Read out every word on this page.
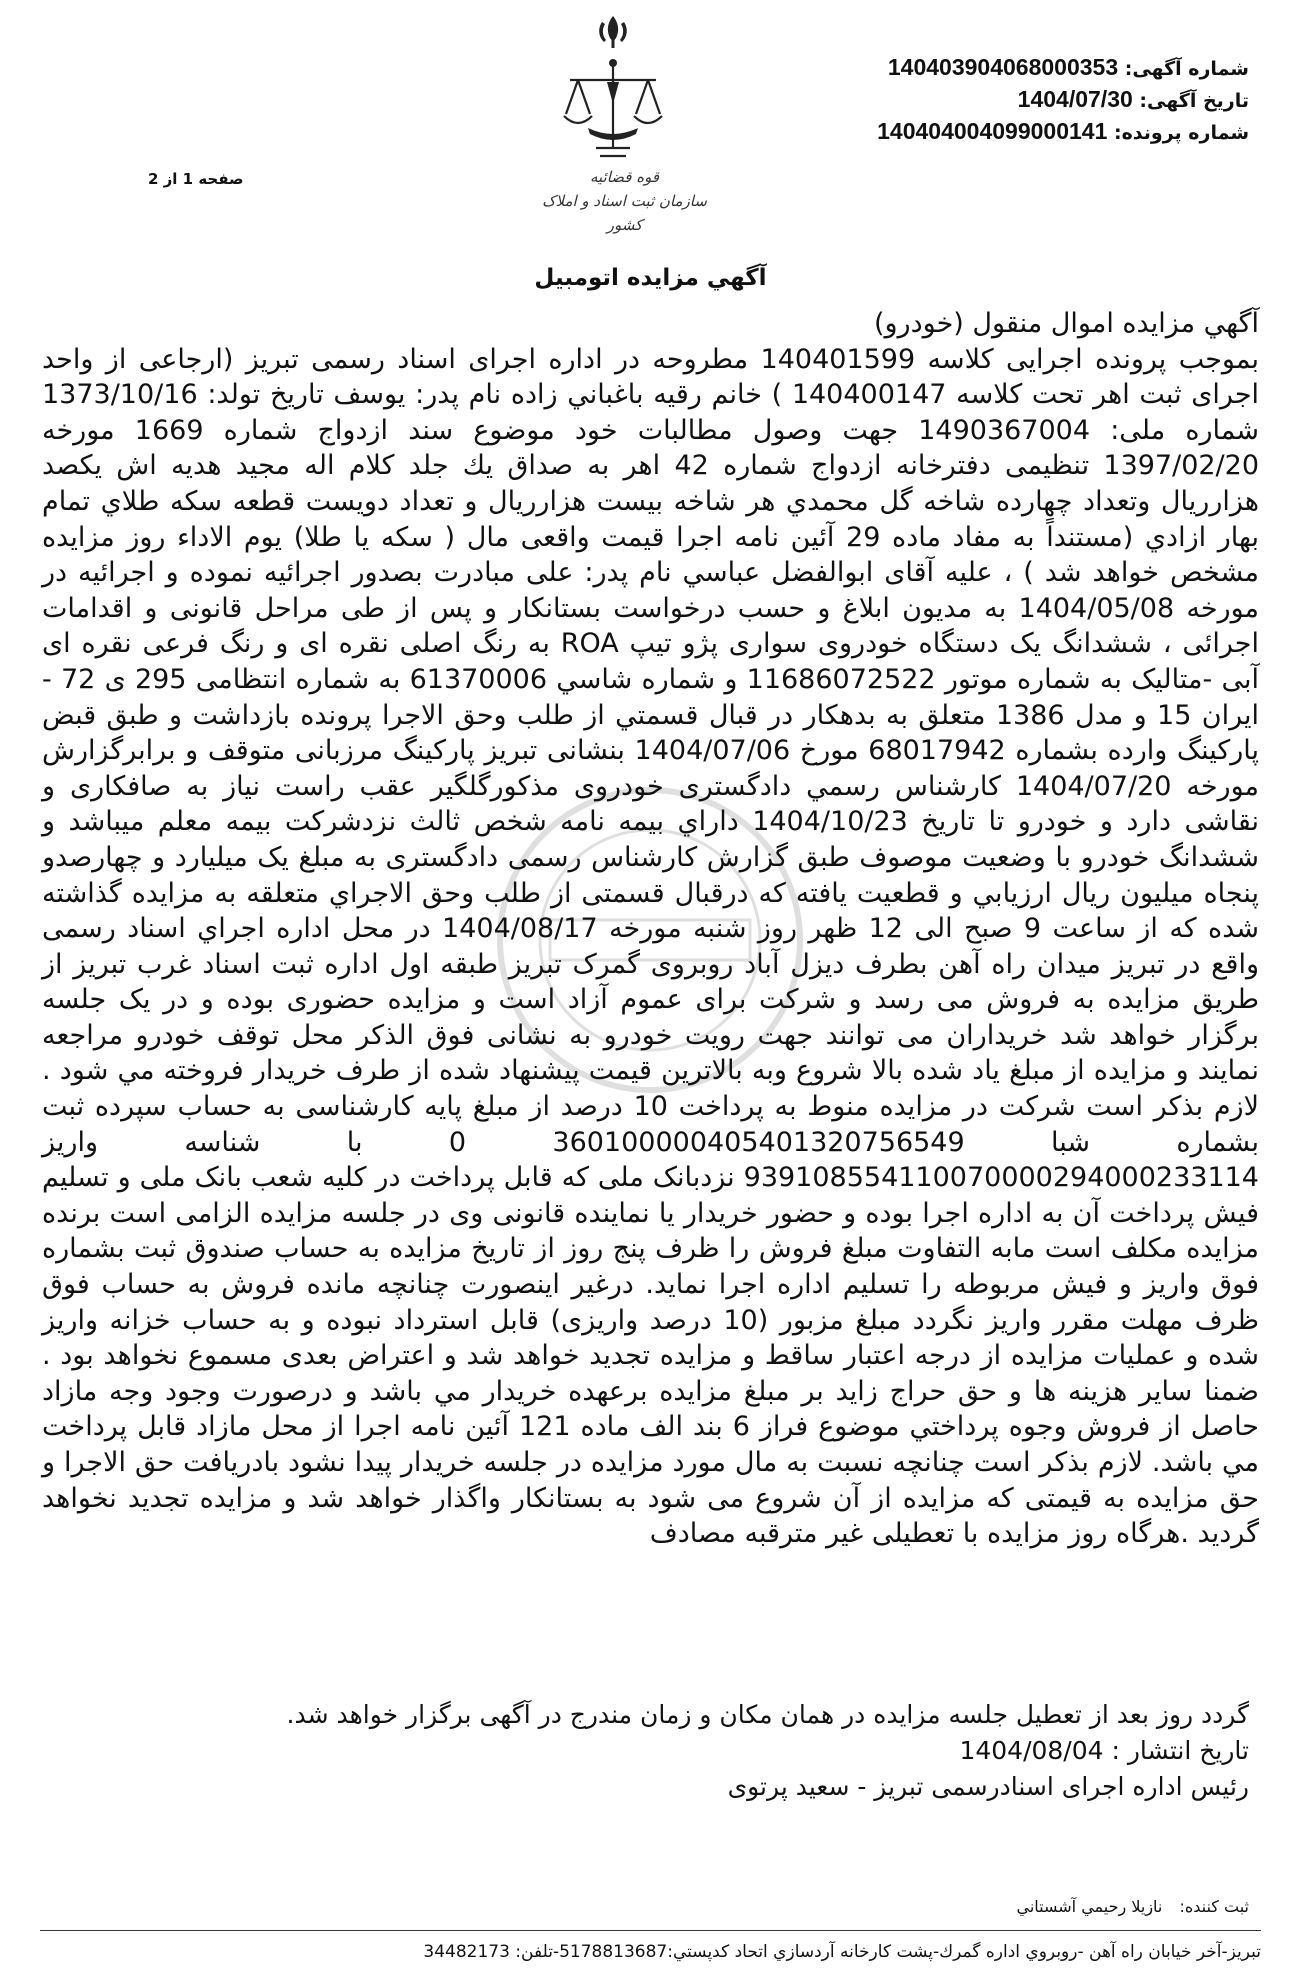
قوه قضائیه
سازمان ثبت اسناد و املاک کشور
شماره آگهی: 140403904068000353
تاریخ آگهی: 1404/07/30
شماره پرونده: 140404004099000141
صفحه 1 از 2
آگهي مزايده اتومبيل

آگهي مزايده اموال منقول (خودرو)

بموجب پرونده اجرایی کلاسه 140401599 مطروحه در اداره اجرای اسناد رسمی تبریز (ارجاعی از واحد اجرای ثبت اهر تحت کلاسه 140400147 ) خانم رقيه باغباني زاده نام پدر: يوسف تاريخ تولد: 1373/10/16 شماره ملی: 1490367004 جهت وصول مطالبات خود موضوع سند ازدواج شماره 1669 مورخه 1397/02/20 تنظيمی دفترخانه ازدواج شماره 42 اهر به صداق يك جلد كلام اله مجيد هديه اش يكصد هزارريال وتعداد چهارده شاخه گل محمدي هر شاخه بيست هزارريال و تعداد دويست قطعه سكه طلاي تمام بهار ازادي (مستنداً به مفاد ماده 29 آئين نامه اجرا قيمت واقعی مال ( سكه يا طلا) يوم الاداء روز مزايده مشخص خواهد شد ) ، علیه آقای ابوالفضل عباسي نام پدر: علی مبادرت بصدور اجرائيه نموده و اجرائيه در مورخه 1404/05/08 به مديون ابلاغ و حسب درخواست بستانكار و پس از طی مراحل قانونی و اقدامات اجرائی ، ششدانگ یک دستگاه خودروی سواری پژو تیپ ROA به رنگ اصلی نقره ای و رنگ فرعی نقره ای آبی -متالیک به شماره موتور 11686072522 و شماره شاسي 61370006 به شماره انتظامی 295 ی 72 - ایران 15 و مدل 1386 متعلق به بدهكار در قبال قسمتي از طلب وحق الاجرا پرونده بازداشت و طبق قبض پارکینگ وارده بشماره 68017942 مورخ 1404/07/06 بنشانی تبریز پارکینگ مرزبانی متوقف و برابرگزارش مورخه 1404/07/20 کارشناس رسمي دادگستری خودروی مذکورگلگیر عقب راست نیاز به صافکاری و نقاشی دارد و خودرو تا تاریخ 1404/10/23 داراي بیمه نامه شخص ثالث نزدشرکت بیمه معلم میباشد و ششدانگ خودرو با وضعیت موصوف طبق گزارش کارشناس رسمی دادگستری به مبلغ یک میلیارد و چهارصدو پنجاه میلیون ریال ارزيابي و قطعيت يافته كه درقبال قسمتی از طلب وحق الاجراي متعلقه به مزايده گذاشته شده كه از ساعت 9 صبح الی 12 ظهر روز شنبه مورخه 1404/08/17 در محل اداره اجراي اسناد رسمی واقع در تبريز ميدان راه آهن بطرف ديزل آباد روبروی گمرک تبریز طبقه اول اداره ثبت اسناد غرب تبریز از طریق مزایده به فروش می رسد و شرکت برای عموم آزاد است و مزايده حضوری بوده و در یک جلسه برگزار خواهد شد خریداران می توانند جهت رویت خودرو به نشانی فوق الذکر محل توقف خودرو مراجعه نمایند و مزایده از مبلغ یاد شده بالا شروع وبه بالاترين قيمت پيشنهاد شده از طرف خريدار فروخته مي شود . لازم بذکر است شرکت در مزایده منوط به پرداخت 10 درصد از مبلغ پایه کارشناسی به حساب سپرده ثبت بشماره شبا 360100000405401320756549 0 با شناسه واریز 939108554110070000294000233114 نزدبانک ملی که قابل پرداخت در کلیه شعب بانک ملی و تسليم فيش پرداخت آن به اداره اجرا بوده و حضور خریدار یا نماینده قانونی وی در جلسه مزایده الزامی است برنده مزايده مكلف است مابه التفاوت مبلغ فروش را ظرف پنج روز از تاريخ مزايده به حساب صندوق ثبت بشماره فوق واریز و فیش مربوطه را تسليم اداره اجرا نمايد. درغير اينصورت چنانچه مانده فروش به حساب فوق ظرف مهلت مقرر واریز نگردد مبلغ مزبور (10 درصد واریزی) قابل استرداد نبوده و به حساب خزانه واریز شده و عملیات مزایده از درجه اعتبار ساقط و مزایده تجدید خواهد شد و اعتراض بعدی مسموع نخواهد بود . ضمنا ساير هزينه ها و حق حراج زايد بر مبلغ مزايده برعهده خريدار مي باشد و درصورت وجود وجه مازاد حاصل از فروش وجوه پرداختي موضوع فراز 6 بند الف ماده 121 آئين نامه اجرا از محل مازاد قابل پرداخت مي باشد. لازم بذکر است چنانچه نسبت به مال مورد مزایده در جلسه خریدار پیدا نشود بادريافت حق الاجرا و حق مزایده به قیمتی كه مزايده از آن شروع می شود به بستانكار واگذار خواهد شد و مزایده تجدید نخواهد گردید .هرگاه روز مزایده با تعطیلی غیر مترقبه مصادف

گردد روز بعد از تعطیل جلسه مزایده در همان مکان و زمان مندرج در آگهی برگزار خواهد شد.
تاریخ انتشار : 1404/08/04
رئیس اداره اجرای اسنادرسمی تبریز - سعید پرتوی
ثبت كننده: نازيلا رحيمي آشستاني
تبريز-آخر خيابان راه آهن -روبروي اداره گمرك-پشت كارخانه آردسازي اتحاد كدپستي:5178813687-تلفن: 34482173
